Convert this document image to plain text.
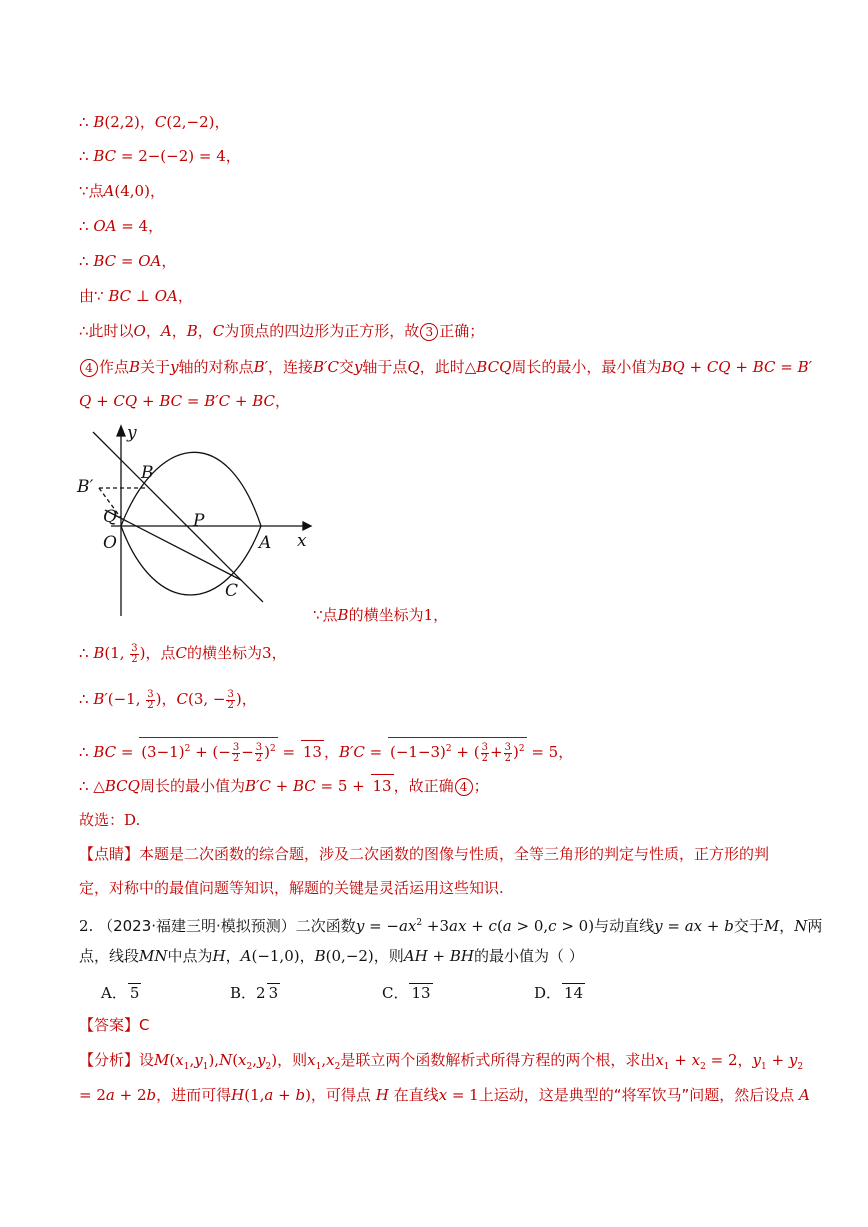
∴ B(2,2)，C(2,−2)，
∴ BC = 2−(−2) = 4，
∵点A(4,0)，
∴ OA = 4，
∴ BC = OA，
由∵ BC ⊥ OA，
∴此时以O，A，B，C为顶点的四边形为正方形，故 3 正确；
4 作点B关于y轴的对称点B′，连接B′C交y轴于点Q，此时△BCQ周长的最小，最小值为BQ + CQ + BC = B′
Q + CQ + BC = B′C + BC，
y
x
B
B′
Q	P
O	A
C
∵点B的横坐标为1，
∴ B(1, $\frac{3}{2}$ )，点C的横坐标为3，
∴ B′(−1, $\frac{3}{2}$ )，C(3, − $\frac{3}{2}$ )，
∴ BC = $(3-1)^2$ + (− $\frac{3}{2} - \frac{3}{2} )^2 = 13$ ，$B'C = (-1-3)^2$ + ( $\frac{3}{2} + \frac{3}{2} )^2 = 5$，
∴ △BCQ周长的最小值为B′C + BC = 5 + 13 ，故正确 4 ；
故选：D.
【点睛】本题是二次函数的综合题，涉及二次函数的图像与性质，全等三角形的判定与性质，正方形的判
定，对称中的最值问题等知识，解题的关键是灵活运用这些知识.
2. （2023·福建三明·模拟预测）二次函数$y = -ax^2 +3ax + c(a > 0,c > 0)$与动直线y = ax + b交于M，N两
点，线段MN中点为H，A(−1,0)，B(0,−2)，则AH + BH的最小值为（ ）
A． 5	B．2 3	C． 13	D． 14
【答案】C
【分析】设$M(x_1,y_1),N(x_2,y_2)$，则$x_1,x_2$是联立两个函数解析式所得方程的两个根，求出$x_1 + x_2 = 2$，$y_1 + y_2$
= 2a + 2b，进而可得H(1,a + b)，可得点 H 在直线x = 1上运动，这是典型的“将军饮马”问题，然后设点 A
